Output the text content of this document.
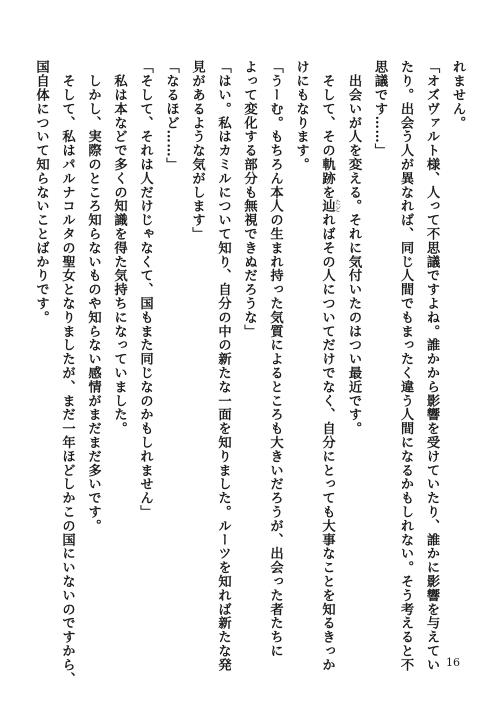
れません。
「オズヴァルト様、人って不思議ですよね。誰かから影響を受けていたり、誰かに影響を与えてい
たり。出会う人が異なれば、同じ人間でもまったく違う人間になるかもしれない。そう考えると不
思議です……」
　出会いが人を変える。それに気付いたのはつい最近です。
　そして、その軌跡を辿 たどればその人についてだけでなく、自分にとっても大事なことを知るきっか
けにもなります。
「うーむ。もちろん本人の生まれ持った気質によるところも大きいだろうが、出会った者たちに
よって変化する部分も無視できぬだろうな」
「はい。私はカミルについて知り、自分の中の新たな一面を知りました。ルーツを知れば新たな発
見があるような気がします」
「なるほど……」
「そして、それは人だけじゃなくて、国もまた同じなのかもしれません」
　私は本などで多くの知識を得た気持ちになっていました。
　しかし、実際のところ知らないものや知らない感情がまだまだ多いです。
　そして、私はパルナコルタの聖女となりましたが、まだ一年ほどしかこの国にいないのですから、
国自体について知らないことばかりです。
16
